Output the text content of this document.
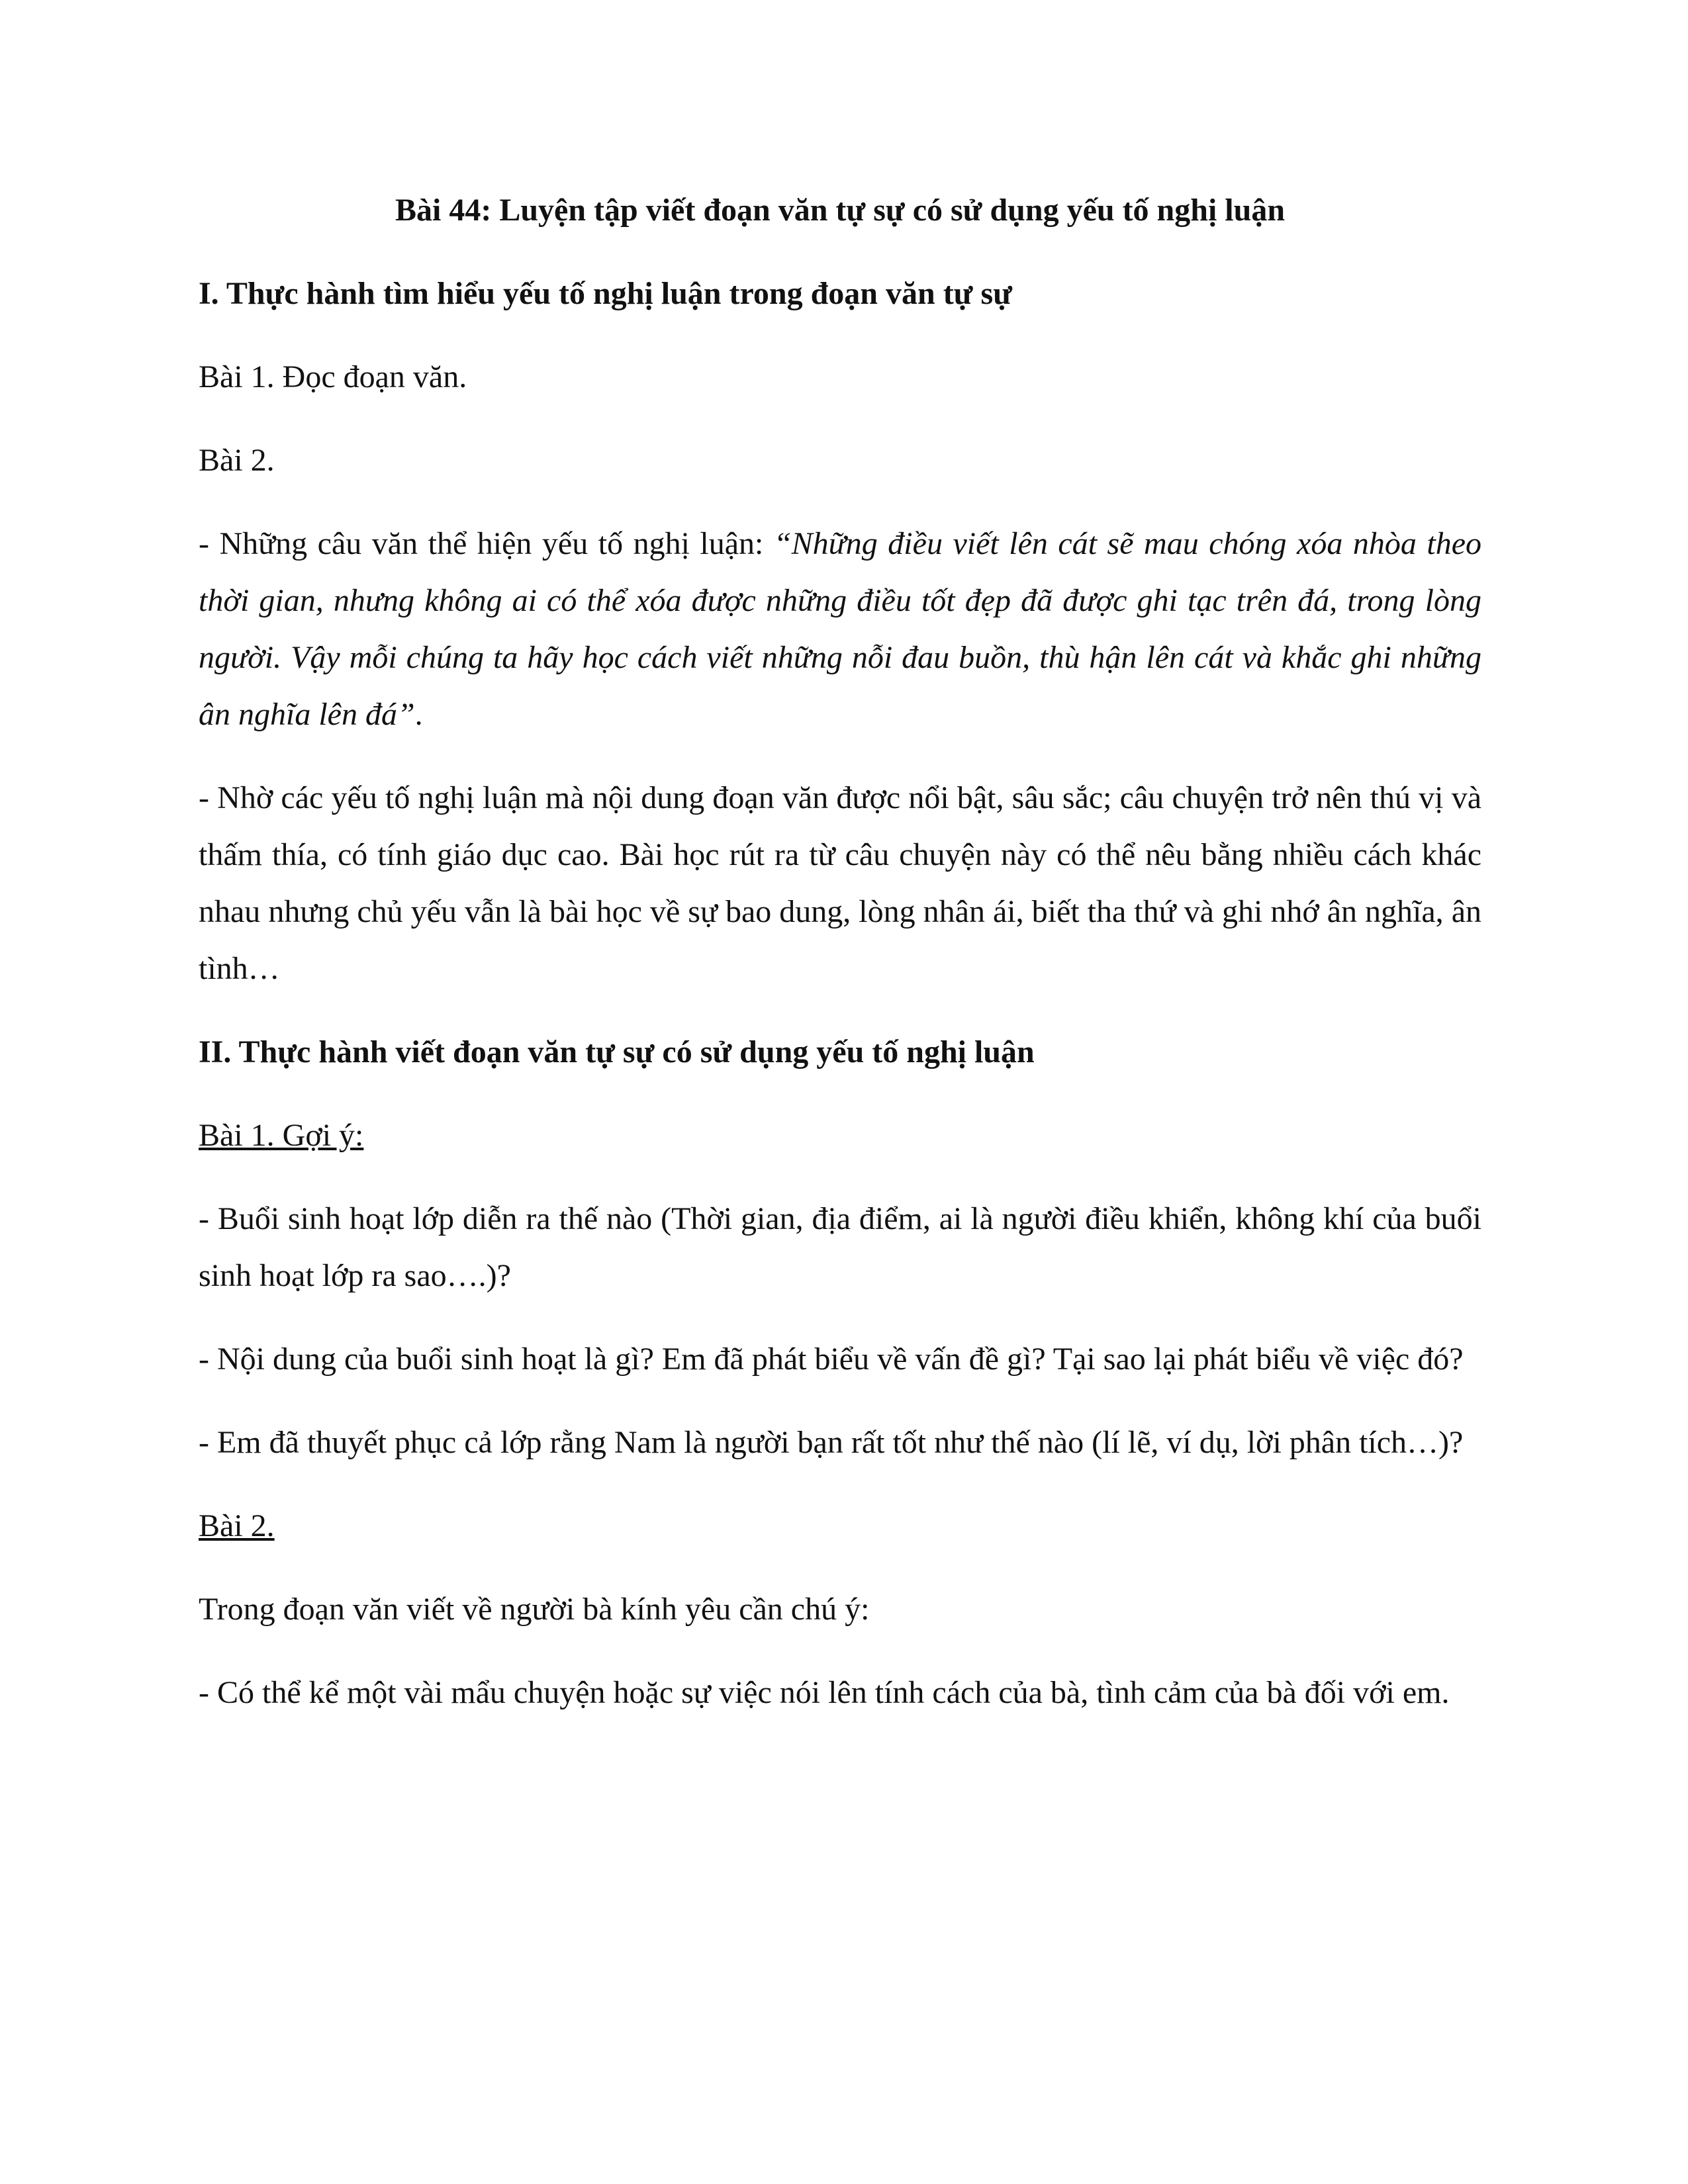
Bài 44: Luyện tập viết đoạn văn tự sự có sử dụng yếu tố nghị luận

I. Thực hành tìm hiểu yếu tố nghị luận trong đoạn văn tự sự

Bài 1. Đọc đoạn văn.

Bài 2.

- Những câu văn thể hiện yếu tố nghị luận: “Những điều viết lên cát sẽ mau chóng xóa nhòa theo thời gian, nhưng không ai có thể xóa được những điều tốt đẹp đã được ghi tạc trên đá, trong lòng người. Vậy mỗi chúng ta hãy học cách viết những nỗi đau buồn, thù hận lên cát và khắc ghi những ân nghĩa lên đá”.

- Nhờ các yếu tố nghị luận mà nội dung đoạn văn được nổi bật, sâu sắc; câu chuyện trở nên thú vị và thấm thía, có tính giáo dục cao. Bài học rút ra từ câu chuyện này có thể nêu bằng nhiều cách khác nhau nhưng chủ yếu vẫn là bài học về sự bao dung, lòng nhân ái, biết tha thứ và ghi nhớ ân nghĩa, ân tình…

II. Thực hành viết đoạn văn tự sự có sử dụng yếu tố nghị luận

Bài 1. Gợi ý:

- Buổi sinh hoạt lớp diễn ra thế nào (Thời gian, địa điểm, ai là người điều khiển, không khí của buổi sinh hoạt lớp ra sao….)?

- Nội dung của buổi sinh hoạt là gì? Em đã phát biểu về vấn đề gì? Tại sao lại phát biểu về việc đó?

- Em đã thuyết phục cả lớp rằng Nam là người bạn rất tốt như thế nào (lí lẽ, ví dụ, lời phân tích…)?

Bài 2.

Trong đoạn văn viết về người bà kính yêu cần chú ý:

- Có thể kể một vài mẩu chuyện hoặc sự việc nói lên tính cách của bà, tình cảm của bà đối với em.
